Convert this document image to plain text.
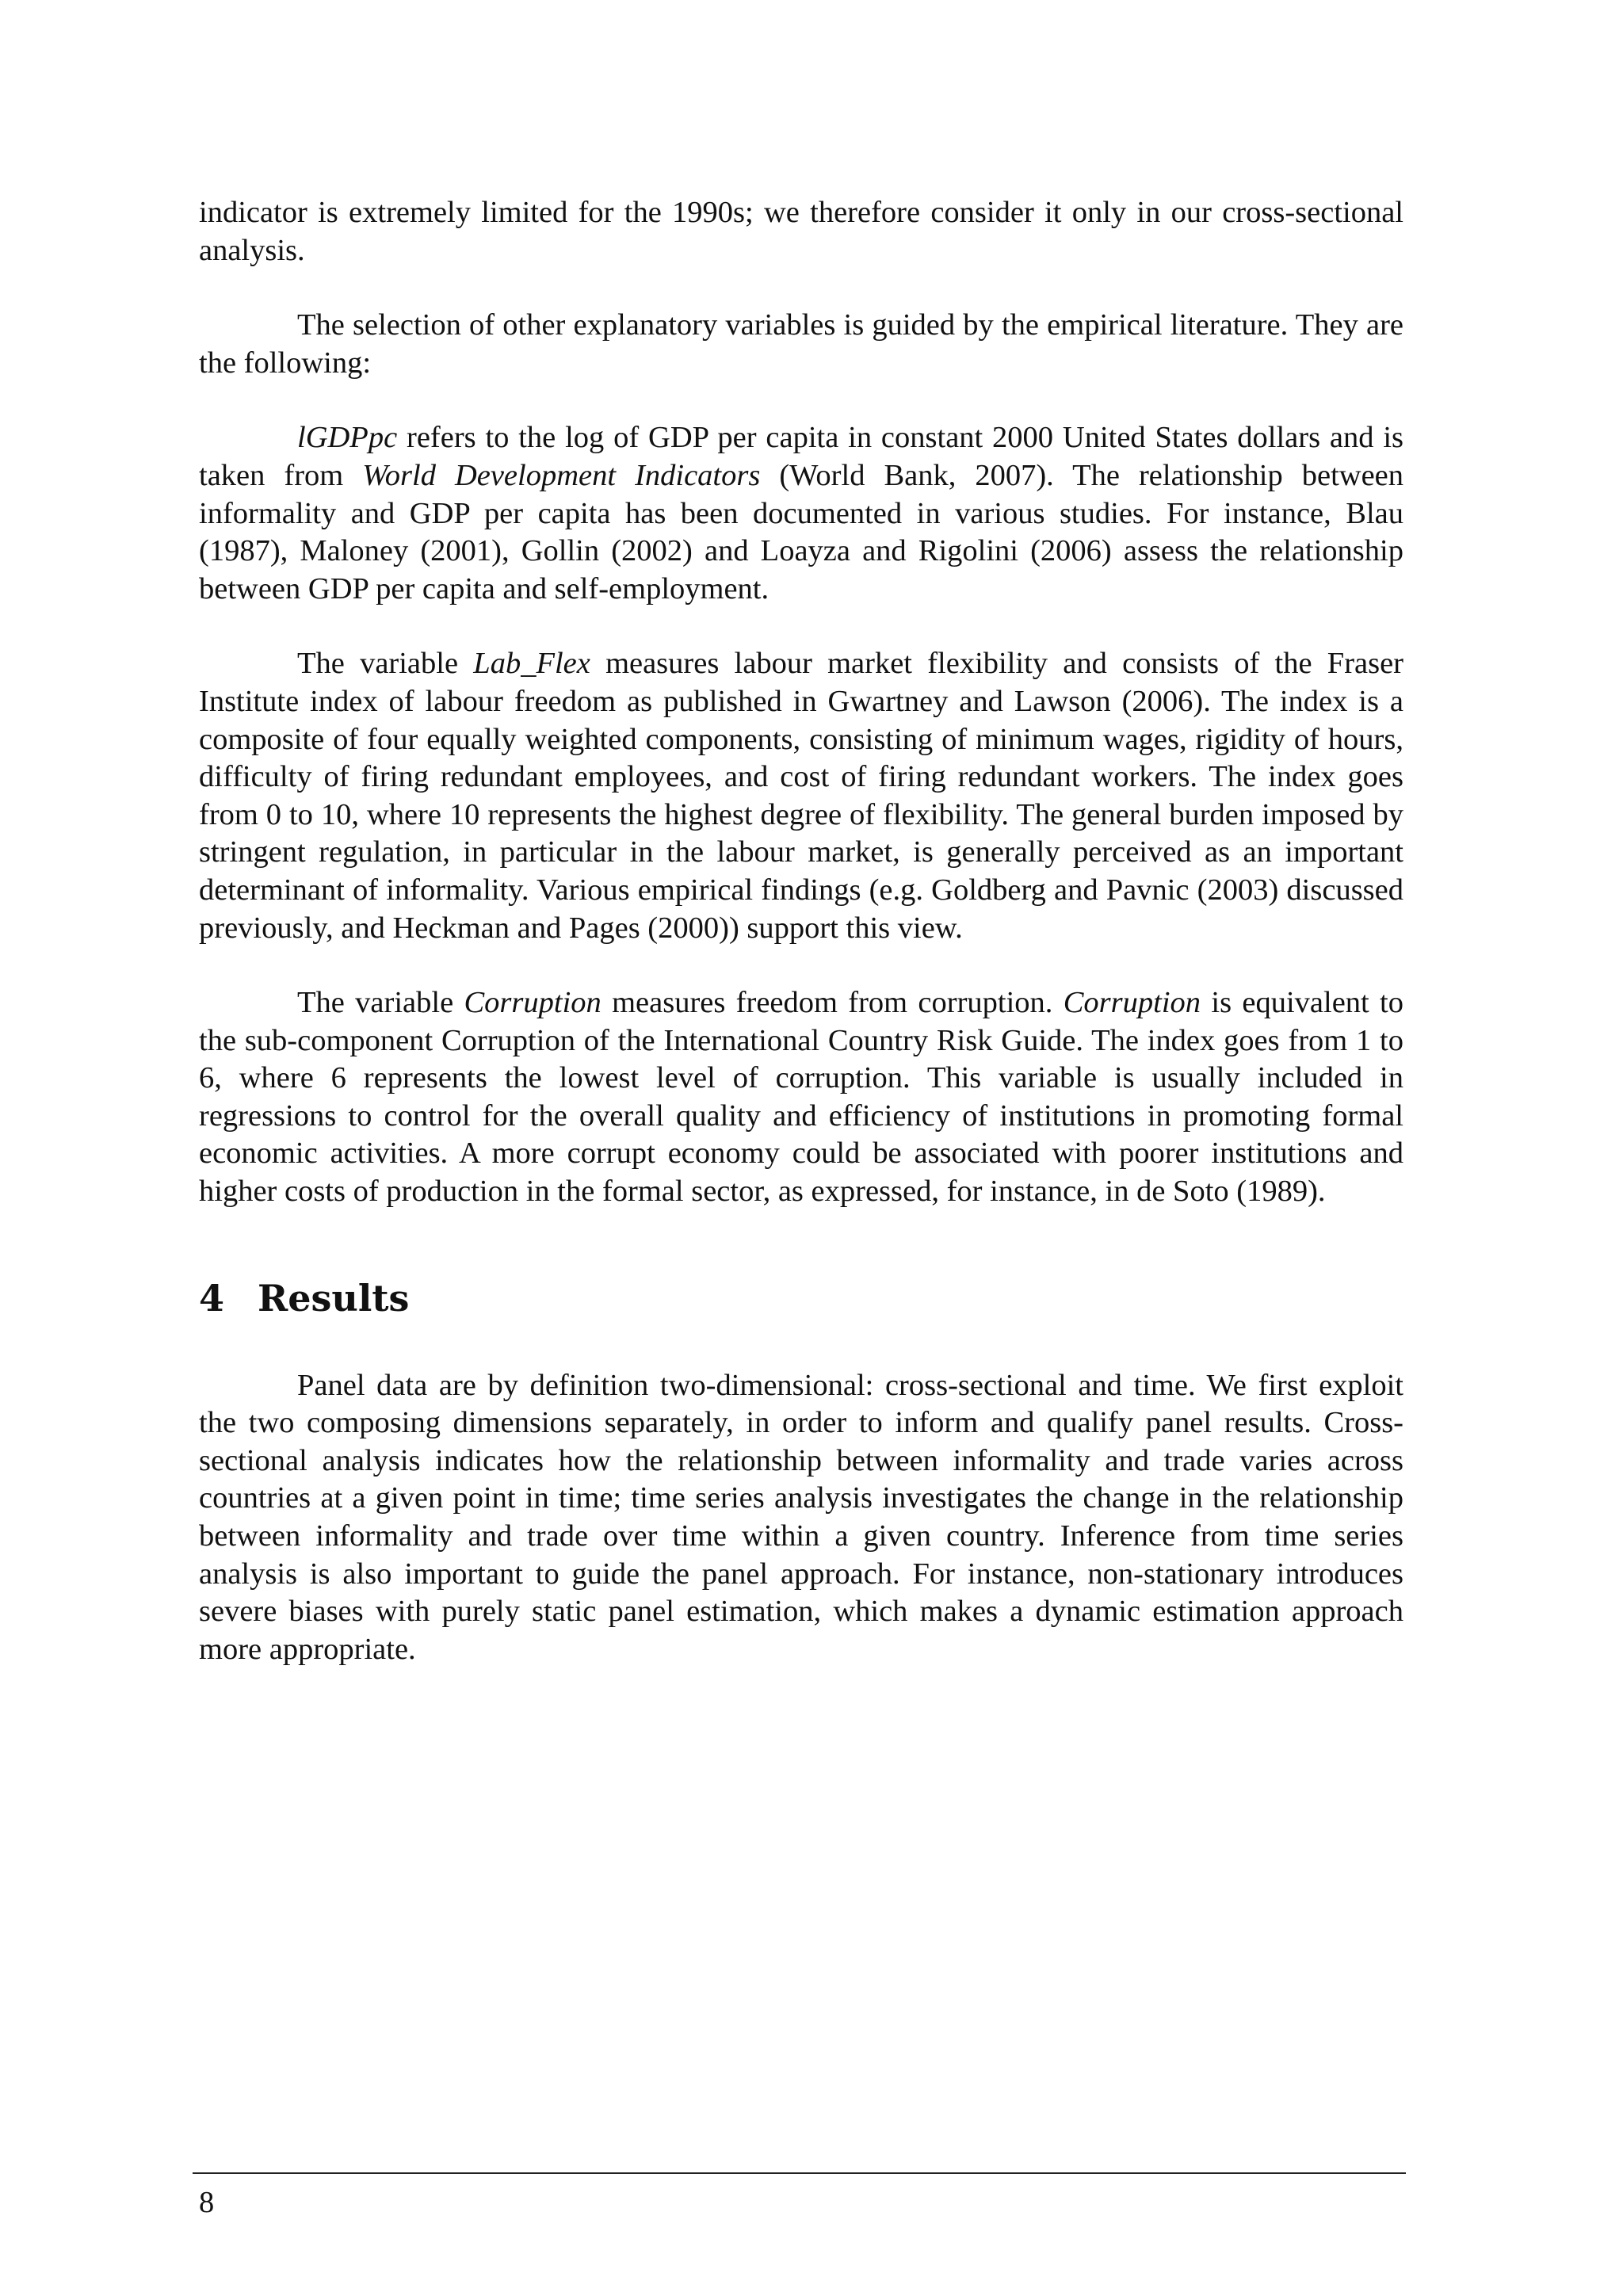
indicator is extremely limited for the 1990s; we therefore consider it only in our cross-sectional analysis.

The selection of other explanatory variables is guided by the empirical literature. They are the following:

lGDPpc refers to the log of GDP per capita in constant 2000 United States dollars and is taken from World Development Indicators (World Bank, 2007). The relationship between informality and GDP per capita has been documented in various studies. For instance, Blau (1987), Maloney (2001), Gollin (2002) and Loayza and Rigolini (2006) assess the relationship between GDP per capita and self-employment.

The variable Lab_Flex measures labour market flexibility and consists of the Fraser Institute index of labour freedom as published in Gwartney and Lawson (2006). The index is a composite of four equally weighted components, consisting of minimum wages, rigidity of hours, difficulty of firing redundant employees, and cost of firing redundant workers. The index goes from 0 to 10, where 10 represents the highest degree of flexibility. The general burden imposed by stringent regulation, in particular in the labour market, is generally perceived as an important determinant of informality. Various empirical findings (e.g. Goldberg and Pavnic (2003) discussed previously, and Heckman and Pages (2000)) support this view.

The variable Corruption measures freedom from corruption. Corruption is equivalent to the sub-component Corruption of the International Country Risk Guide. The index goes from 1 to 6, where 6 represents the lowest level of corruption. This variable is usually included in regressions to control for the overall quality and efficiency of institutions in promoting formal economic activities. A more corrupt economy could be associated with poorer institutions and higher costs of production in the formal sector, as expressed, for instance, in de Soto (1989).

4 Results

Panel data are by definition two-dimensional: cross-sectional and time. We first exploit the two composing dimensions separately, in order to inform and qualify panel results. Cross-sectional analysis indicates how the relationship between informality and trade varies across countries at a given point in time; time series analysis investigates the change in the relationship between informality and trade over time within a given country. Inference from time series analysis is also important to guide the panel approach. For instance, non-stationary introduces severe biases with purely static panel estimation, which makes a dynamic estimation approach more appropriate.

8
